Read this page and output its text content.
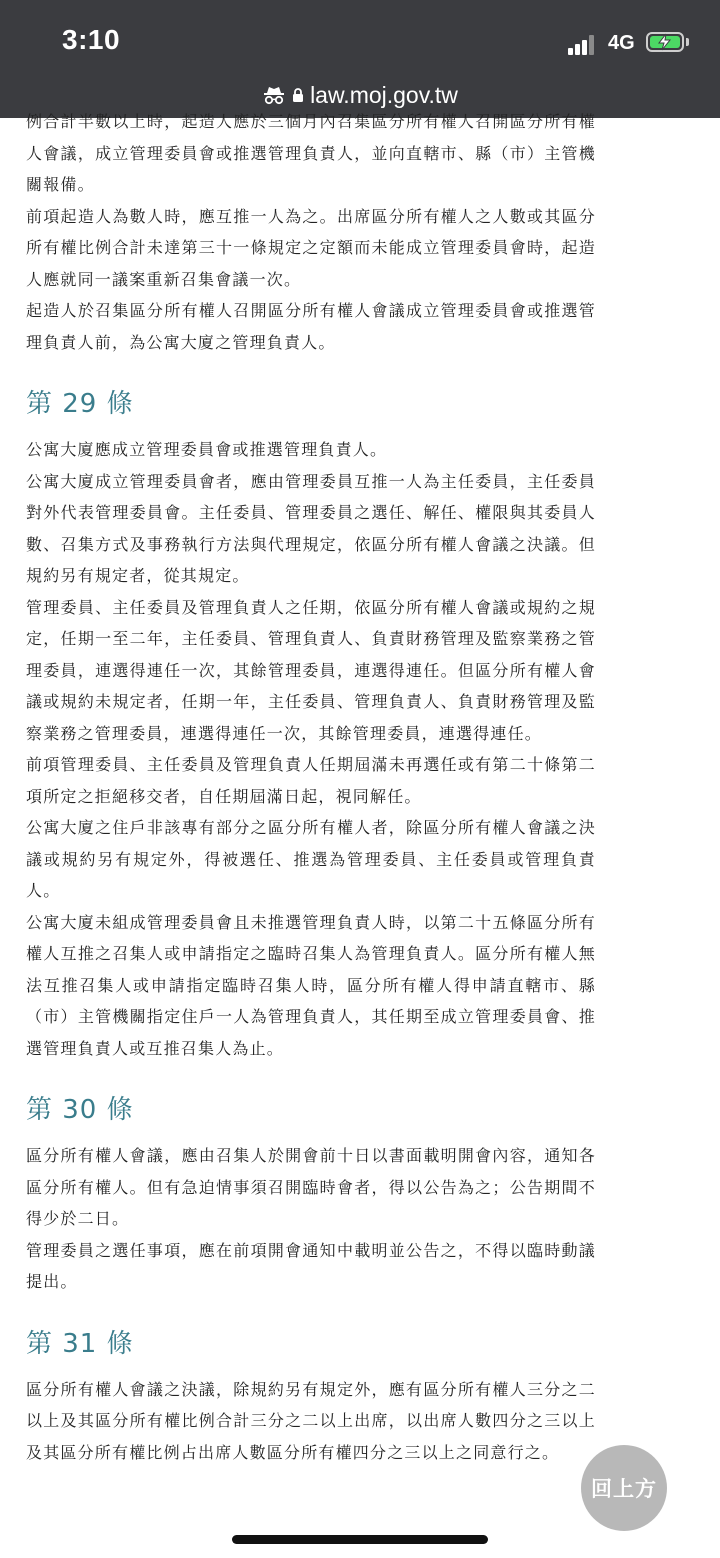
3:10	4G
law.moj.gov.tw

例合計半數以上時，起造人應於三個月內召集區分所有權人召開區分所有權人會議，成立管理委員會或推選管理負責人，並向直轄市、縣（市）主管機關報備。

前項起造人為數人時，應互推一人為之。出席區分所有權人之人數或其區分所有權比例合計未達第三十一條規定之定額而未能成立管理委員會時，起造人應就同一議案重新召集會議一次。

起造人於召集區分所有權人召開區分所有權人會議成立管理委員會或推選管理負責人前，為公寓大廈之管理負責人。

第 29 條

公寓大廈應成立管理委員會或推選管理負責人。

公寓大廈成立管理委員會者，應由管理委員互推一人為主任委員，主任委員對外代表管理委員會。主任委員、管理委員之選任、解任、權限與其委員人數、召集方式及事務執行方法與代理規定，依區分所有權人會議之決議。但規約另有規定者，從其規定。

管理委員、主任委員及管理負責人之任期，依區分所有權人會議或規約之規定，任期一至二年，主任委員、管理負責人、負責財務管理及監察業務之管理委員，連選得連任一次，其餘管理委員，連選得連任。但區分所有權人會議或規約未規定者，任期一年，主任委員、管理負責人、負責財務管理及監察業務之管理委員，連選得連任一次，其餘管理委員，連選得連任。

前項管理委員、主任委員及管理負責人任期屆滿未再選任或有第二十條第二項所定之拒絕移交者，自任期屆滿日起，視同解任。

公寓大廈之住戶非該專有部分之區分所有權人者，除區分所有權人會議之決議或規約另有規定外，得被選任、推選為管理委員、主任委員或管理負責人。

公寓大廈未組成管理委員會且未推選管理負責人時，以第二十五條區分所有權人互推之召集人或申請指定之臨時召集人為管理負責人。區分所有權人無法互推召集人或申請指定臨時召集人時，區分所有權人得申請直轄市、縣（市）主管機關指定住戶一人為管理負責人，其任期至成立管理委員會、推選管理負責人或互推召集人為止。

第 30 條

區分所有權人會議，應由召集人於開會前十日以書面載明開會內容，通知各區分所有權人。但有急迫情事須召開臨時會者，得以公告為之；公告期間不得少於二日。

管理委員之選任事項，應在前項開會通知中載明並公告之，不得以臨時動議提出。

第 31 條

區分所有權人會議之決議，除規約另有規定外，應有區分所有權人三分之二以上及其區分所有權比例合計三分之二以上出席，以出席人數四分之三以上及其區分所有權比例占出席人數區分所有權四分之三以上之同意行之。

回上方
